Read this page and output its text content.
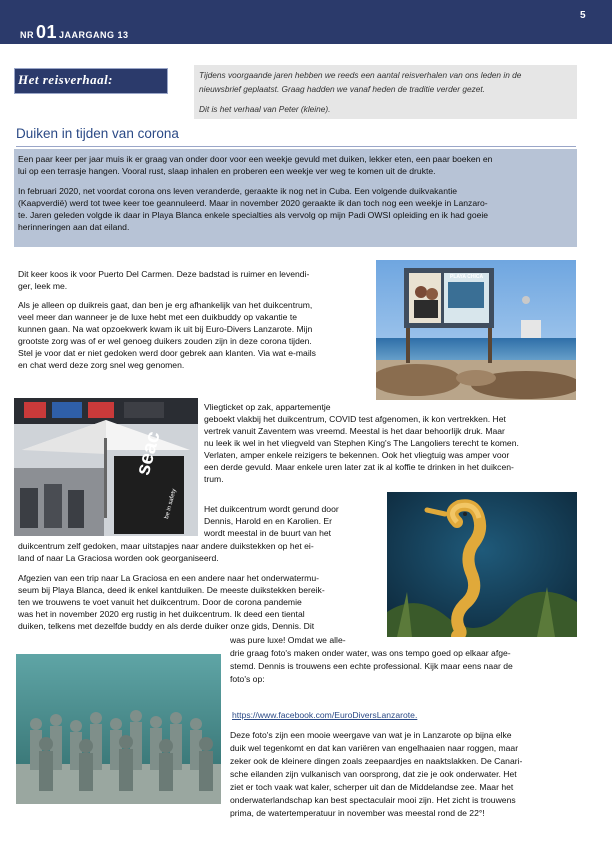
NR 01 JAARGANG 13
5
Het reisverhaal:	Tijdens voorgaande jaren hebben we reeds een aantal reisverhalen van ons leden in de
nieuwsbrief geplaatst. Graag hadden we vanaf heden de traditie verder gezet.
Dit is het verhaal van Peter (kleine).
Duiken in tijden van corona
Een paar keer per jaar muis ik er graag van onder door voor een weekje gevuld met duiken, lekker eten, een paar boeken en
lui op een terrasje hangen. Vooral rust, slaap inhalen en proberen een weekje ver weg te komen uit de drukte.
In februari 2020, net voordat corona ons leven veranderde, geraakte ik nog net in Cuba. Een volgende duikvakantie
(Kaapverdië) werd tot twee keer toe geannuleerd. Maar in november 2020 geraakte ik dan toch nog een weekje in Lanzaro-
te. Jaren geleden volgde ik daar in Playa Blanca enkele specialties als vervolg op mijn Padi OWSI opleiding en ik had goeie
herinneringen aan dat eiland.
PLAYA CHICA
Dit keer koos ik voor Puerto Del Carmen. Deze badstad is ruimer en levendi-
ger, leek me.
Als je alleen op duikreis gaat, dan ben je erg afhankelijk van het duikcentrum,
veel meer dan wanneer je de luxe hebt met een duikbuddy op vakantie te
kunnen gaan. Na wat opzoekwerk kwam ik uit bij Euro-Divers Lanzarote. Mijn
grootste zorg was of er wel genoeg duikers zouden zijn in deze corona tijden.
Stel je voor dat er niet gedoken werd door gebrek aan klanten. Via wat e-mails
en chat werd deze zorg snel weg genomen.
seac
be in safety
Vliegticket op zak, appartementje
geboekt vlakbij het duikcentrum, COVID test afgenomen, ik kon vertrekken. Het
vertrek vanuit Zaventem was vreemd. Meestal is het daar behoorlijk druk. Maar
nu leek ik wel in het vliegveld van Stephen King's The Langoliers terecht te komen.
Verlaten, amper enkele reizigers te bekennen. Ook het vliegtuig was amper voor
een derde gevuld. Maar enkele uren later zat ik al koffie te drinken in het duikcen-
trum.
Het duikcentrum wordt gerund door
Dennis, Harold en en Karolien. Er
wordt meestal in de buurt van het
duikcentrum zelf gedoken, maar uitstapjes naar andere duikstekken op het ei-
land of naar La Graciosa worden ook georganiseerd.
Afgezien van een trip naar La Graciosa en een andere naar het onderwatermu-
seum bij Playa Blanca, deed ik enkel kantduiken. De meeste duikstekken bereik-
ten we trouwens te voet vanuit het duikcentrum. Door de corona pandemie
was het in november 2020 erg rustig in het duikcentrum. Ik deed een tiental
duiken, telkens met dezelfde buddy en als derde duiker onze gids, Dennis. Dit
was pure luxe! Omdat we alle-
drie graag foto's maken onder water, was ons tempo goed op elkaar afge-
stemd. Dennis is trouwens een echte professional. Kijk maar eens naar de
foto's op:
https://www.facebook.com/EuroDiversLanzarote.
Deze foto's zijn een mooie weergave van wat je in Lanzarote op bijna elke
duik wel tegenkomt en dat kan variëren van engelhaaien naar roggen, maar
zeker ook de kleinere dingen zoals zeepaardjes en naaktslakken. De Canari-
sche eilanden zijn vulkanisch van oorsprong, dat zie je ook onderwater. Het
ziet er toch vaak wat kaler, scherper uit dan de Middelandse zee. Maar het
onderwaterlandschap kan best spectaculair mooi zijn. Het zicht is trouwens
prima, de watertemperatuur in november was meestal rond de 22°!
